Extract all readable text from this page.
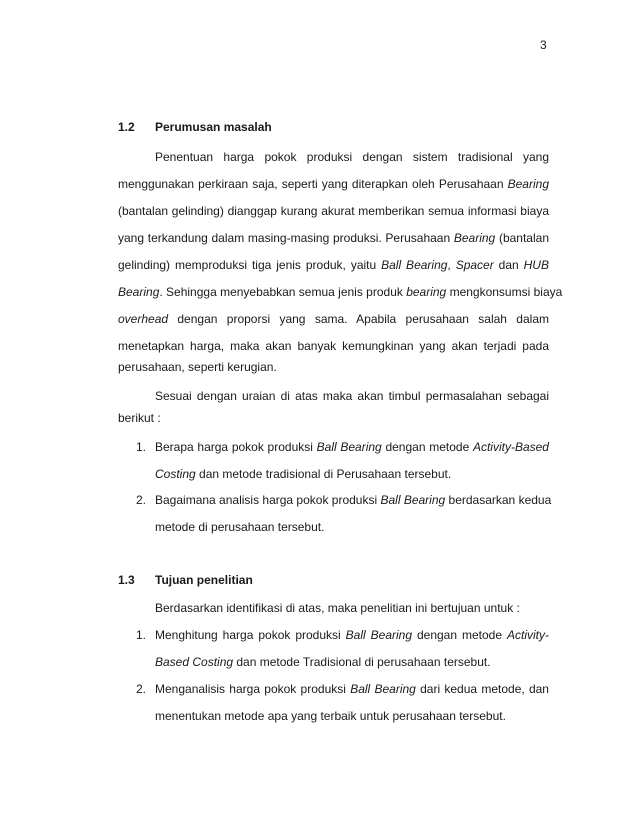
3
1.2 Perumusan masalah
Penentuan harga pokok produksi dengan sistem tradisional yang
menggunakan perkiraan saja, seperti yang diterapkan oleh Perusahaan Bearing
(bantalan gelinding) dianggap kurang akurat memberikan semua informasi biaya
yang terkandung dalam masing-masing produksi. Perusahaan Bearing (bantalan
gelinding) memproduksi tiga jenis produk, yaitu Ball Bearing, Spacer dan HUB
Bearing. Sehingga menyebabkan semua jenis produk bearing mengkonsumsi biaya
overhead dengan proporsi yang sama. Apabila perusahaan salah dalam
menetapkan harga, maka akan banyak kemungkinan yang akan terjadi pada
perusahaan, seperti kerugian.
Sesuai dengan uraian di atas maka akan timbul permasalahan sebagai
berikut :
1. Berapa harga pokok produksi Ball Bearing dengan metode Activity-Based
Costing dan metode tradisional di Perusahaan tersebut.
2. Bagaimana analisis harga pokok produksi Ball Bearing berdasarkan kedua
metode di perusahaan tersebut.
1.3 Tujuan penelitian
Berdasarkan identifikasi di atas, maka penelitian ini bertujuan untuk :
1. Menghitung harga pokok produksi Ball Bearing dengan metode Activity-
Based Costing dan metode Tradisional di perusahaan tersebut.
2. Menganalisis harga pokok produksi Ball Bearing dari kedua metode, dan
menentukan metode apa yang terbaik untuk perusahaan tersebut.
